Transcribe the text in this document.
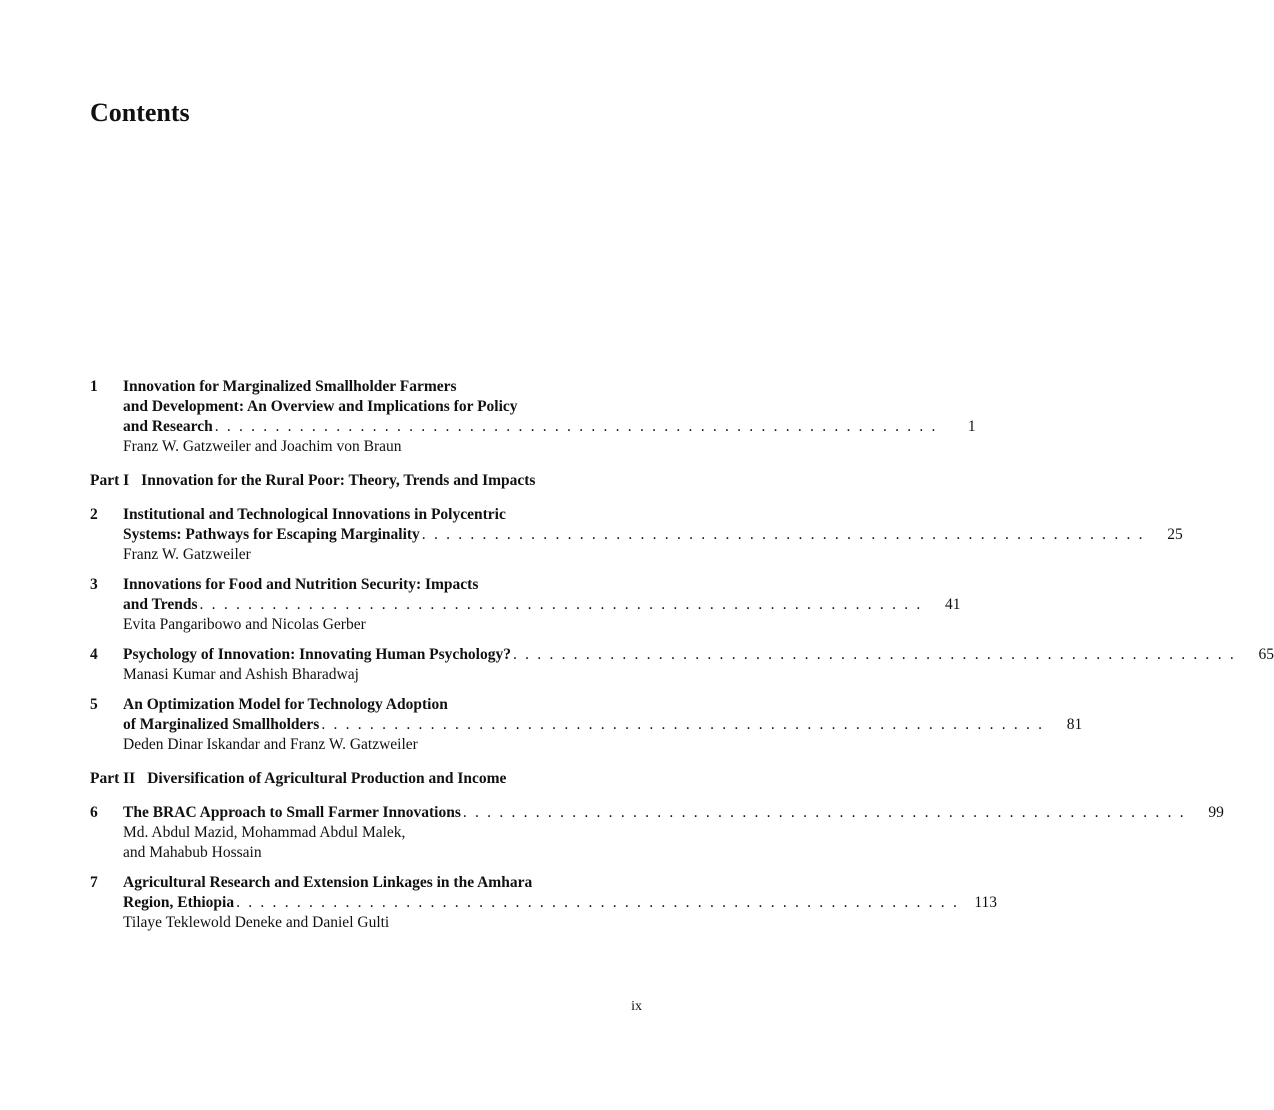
Contents
1	Innovation for Marginalized Smallholder Farmers
and Development: An Overview and Implications for Policy
and Research . . . . . . . . . . . . . . . . . . . . . . . . . . . . . . . . . . . . . . . . . . . . . . . . . . . . . . . . . . . .	1
Franz W. Gatzweiler and Joachim von Braun
Part I Innovation for the Rural Poor: Theory, Trends and Impacts
2	Institutional and Technological Innovations in Polycentric
Systems: Pathways for Escaping Marginality . . . . . . . . . . . . . . . . . . . . . . . . . . . . . . . . . . . . . . . . . . . . . . . . . . . . . . . . . . . .	25
Franz W. Gatzweiler
3	Innovations for Food and Nutrition Security: Impacts
and Trends . . . . . . . . . . . . . . . . . . . . . . . . . . . . . . . . . . . . . . . . . . . . . . . . . . . . . . . . . . . .	41
Evita Pangaribowo and Nicolas Gerber
4	Psychology of Innovation: Innovating Human Psychology? . . . . . . . . . . . . . . . . . . . . . . . . . . . . . . . . . . . . . . . . . . . . . . . . . . . . . . . . . . . .	65
Manasi Kumar and Ashish Bharadwaj
5	An Optimization Model for Technology Adoption
of Marginalized Smallholders . . . . . . . . . . . . . . . . . . . . . . . . . . . . . . . . . . . . . . . . . . . . . . . . . . . . . . . . . . . .	81
Deden Dinar Iskandar and Franz W. Gatzweiler
Part II Diversification of Agricultural Production and Income
6	The BRAC Approach to Small Farmer Innovations . . . . . . . . . . . . . . . . . . . . . . . . . . . . . . . . . . . . . . . . . . . . . . . . . . . . . . . . . . . .	99
Md. Abdul Mazid, Mohammad Abdul Malek,
and Mahabub Hossain
7	Agricultural Research and Extension Linkages in the Amhara
Region, Ethiopia . . . . . . . . . . . . . . . . . . . . . . . . . . . . . . . . . . . . . . . . . . . . . . . . . . . . . . . . . . . . 113
Tilaye Teklewold Deneke and Daniel Gulti
ix
